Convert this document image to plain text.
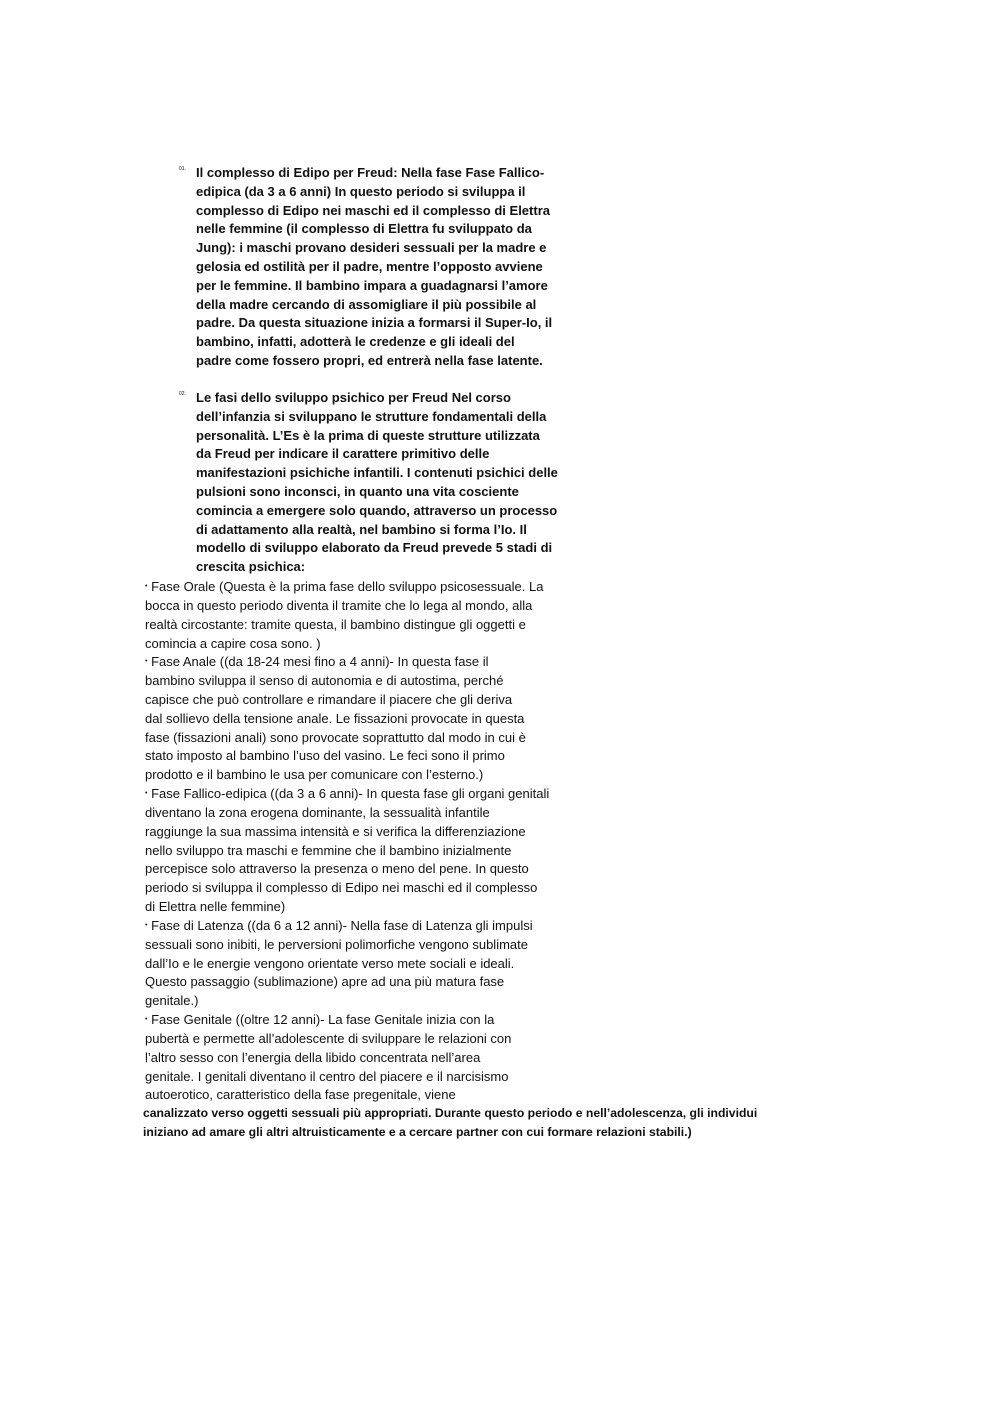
01. Il complesso di Edipo per Freud: Nella fase Fase Fallico-
edipica (da 3 a 6 anni) In questo periodo si sviluppa il
complesso di Edipo nei maschi ed il complesso di Elettra
nelle femmine (il complesso di Elettra fu sviluppato da
Jung): i maschi provano desideri sessuali per la madre e
gelosia ed ostilità per il padre, mentre l’opposto avviene
per le femmine. Il bambino impara a guadagnarsi l’amore
della madre cercando di assomigliare il più possibile al
padre. Da questa situazione inizia a formarsi il Super-Io, il
bambino, infatti, adotterà le credenze e gli ideali del
padre come fossero propri, ed entrerà nella fase latente.
02. Le fasi dello sviluppo psichico per Freud Nel corso
dell’infanzia si sviluppano le strutture fondamentali della
personalità. L’Es è la prima di queste strutture utilizzata
da Freud per indicare il carattere primitivo delle
manifestazioni psichiche infantili. I contenuti psichici delle
pulsioni sono inconsci, in quanto una vita cosciente
comincia a emergere solo quando, attraverso un processo
di adattamento alla realtà, nel bambino si forma l’Io. Il
modello di sviluppo elaborato da Freud prevede 5 stadi di
crescita psichica:
• Fase Orale (Questa è la prima fase dello sviluppo psicosessuale. La
bocca in questo periodo diventa il tramite che lo lega al mondo, alla
realtà circostante: tramite questa, il bambino distingue gli oggetti e
comincia a capire cosa sono. )
• Fase Anale ((da 18-24 mesi fino a 4 anni)- In questa fase il
bambino sviluppa il senso di autonomia e di autostima, perché
capisce che può controllare e rimandare il piacere che gli deriva
dal sollievo della tensione anale. Le fissazioni provocate in questa
fase (fissazioni anali) sono provocate soprattutto dal modo in cui è
stato imposto al bambino l’uso del vasino. Le feci sono il primo
prodotto e il bambino le usa per comunicare con l’esterno.)
• Fase Fallico-edipica ((da 3 a 6 anni)- In questa fase gli organi genitali
diventano la zona erogena dominante, la sessualità infantile
raggiunge la sua massima intensità e si verifica la differenziazione
nello sviluppo tra maschi e femmine che il bambino inizialmente
percepisce solo attraverso la presenza o meno del pene. In questo
periodo si sviluppa il complesso di Edipo nei maschi ed il complesso
di Elettra nelle femmine)
• Fase di Latenza ((da 6 a 12 anni)- Nella fase di Latenza gli impulsi
sessuali sono inibiti, le perversioni polimorfiche vengono sublimate
dall’Io e le energie vengono orientate verso mete sociali e ideali.
Questo passaggio (sublimazione) apre ad una più matura fase
genitale.)
• Fase Genitale ((oltre 12 anni)- La fase Genitale inizia con la
pubertà e permette all’adolescente di sviluppare le relazioni con
l’altro sesso con l’energia della libido concentrata nell’area
genitale. I genitali diventano il centro del piacere e il narcisismo
autoerotico, caratteristico della fase pregenitale, viene
canalizzato verso oggetti sessuali più appropriati. Durante questo periodo e nell’adolescenza, gli individui
iniziano ad amare gli altri altruisticamente e a cercare partner con cui formare relazioni stabili.)
